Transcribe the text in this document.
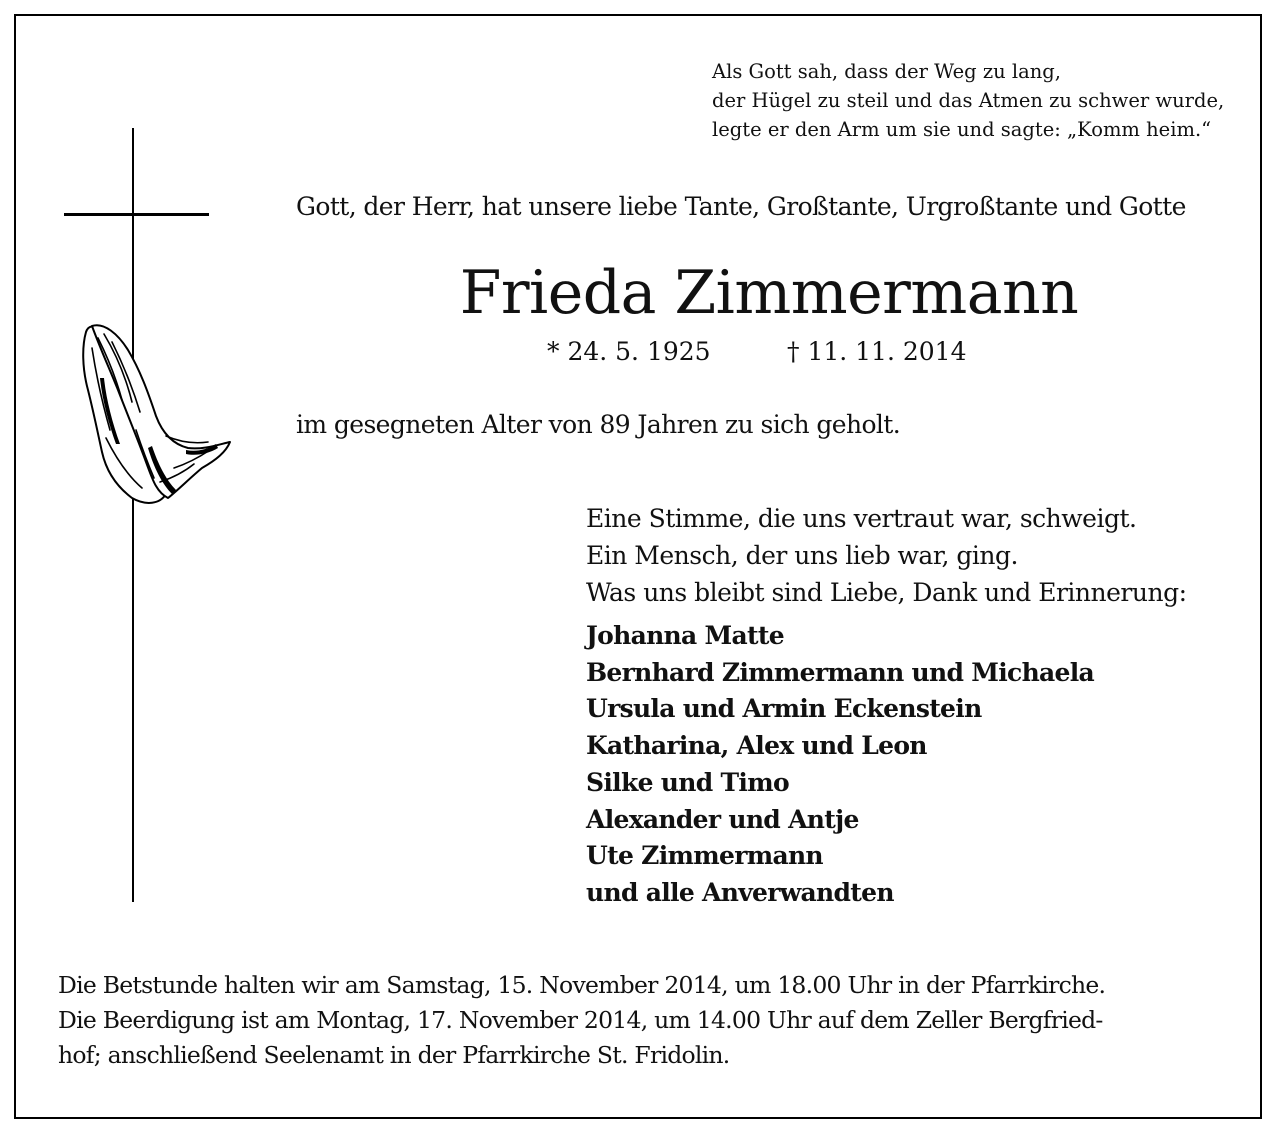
Als Gott sah, dass der Weg zu lang,
der Hügel zu steil und das Atmen zu schwer wurde,
legte er den Arm um sie und sagte: „Komm heim.“
Gott, der Herr, hat unsere liebe Tante, Großtante, Urgroßtante und Gotte
Frieda Zimmermann
* 24. 5. 1925	† 11. 11. 2014
im gesegneten Alter von 89 Jahren zu sich geholt.
Eine Stimme, die uns vertraut war, schweigt.
Ein Mensch, der uns lieb war, ging.
Was uns bleibt sind Liebe, Dank und Erinnerung:
Johanna Matte
Bernhard Zimmermann und Michaela
Ursula und Armin Eckenstein
Katharina, Alex und Leon
Silke und Timo
Alexander und Antje
Ute Zimmermann
und alle Anverwandten
Die Betstunde halten wir am Samstag, 15. November 2014, um 18.00 Uhr in der Pfarrkirche.
Die Beerdigung ist am Montag, 17. November 2014, um 14.00 Uhr auf dem Zeller Bergfried-
hof; anschließend Seelenamt in der Pfarrkirche St. Fridolin.
